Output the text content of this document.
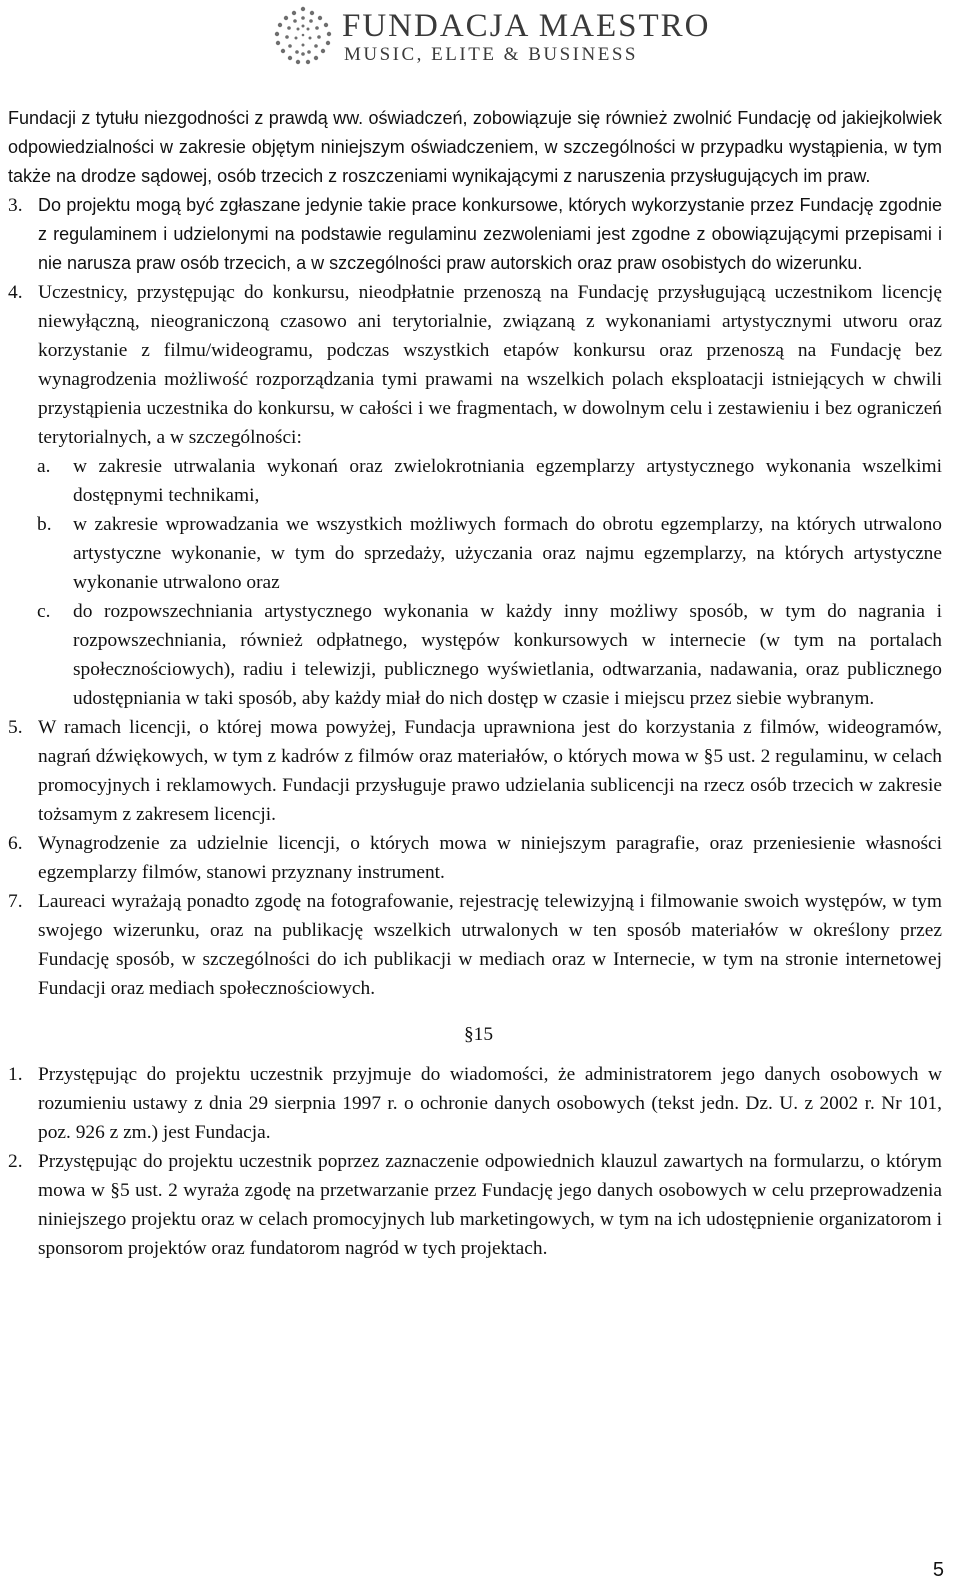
FUNDACJA MAESTRO
MUSIC, ELITE & BUSINESS

Fundacji z tytułu niezgodności z prawdą ww. oświadczeń, zobowiązuje się również zwolnić Fundację od jakiejkolwiek odpowiedzialności w zakresie objętym niniejszym oświadczeniem, w szczególności w przypadku wystąpienia, w tym także na drodze sądowej, osób trzecich z roszczeniami wynikającymi z naruszenia przysługujących im praw.

3. Do projektu mogą być zgłaszane jedynie takie prace konkursowe, których wykorzystanie przez Fundację zgodnie z regulaminem i udzielonymi na podstawie regulaminu zezwoleniami jest zgodne z obowiązującymi przepisami i nie narusza praw osób trzecich, a w szczególności praw autorskich oraz praw osobistych do wizerunku.
4. Uczestnicy, przystępując do konkursu, nieodpłatnie przenoszą na Fundację przysługującą uczestnikom licencję niewyłączną, nieograniczoną czasowo ani terytorialnie, związaną z wykonaniami artystycznymi utworu oraz korzystanie z filmu/wideogramu, podczas wszystkich etapów konkursu oraz przenoszą na Fundację bez wynagrodzenia możliwość rozporządzania tymi prawami na wszelkich polach eksploatacji istniejących w chwili przystąpienia uczestnika do konkursu, w całości i we fragmentach, w dowolnym celu i zestawieniu i bez ograniczeń terytorialnych, a w szczególności:
a. w zakresie utrwalania wykonań oraz zwielokrotniania egzemplarzy artystycznego wykonania wszelkimi dostępnymi technikami,
b. w zakresie wprowadzania we wszystkich możliwych formach do obrotu egzemplarzy, na których utrwalono artystyczne wykonanie, w tym do sprzedaży, użyczania oraz najmu egzemplarzy, na których artystyczne wykonanie utrwalono oraz
c. do rozpowszechniania artystycznego wykonania w każdy inny możliwy sposób, w tym do nagrania i rozpowszechniania, również odpłatnego, występów konkursowych w internecie (w tym na portalach społecznościowych), radiu i telewizji, publicznego wyświetlania, odtwarzania, nadawania, oraz publicznego udostępniania w taki sposób, aby każdy miał do nich dostęp w czasie i miejscu przez siebie wybranym.
5. W ramach licencji, o której mowa powyżej, Fundacja uprawniona jest do korzystania z filmów, wideogramów, nagrań dźwiękowych, w tym z kadrów z filmów oraz materiałów, o których mowa w §5 ust. 2 regulaminu, w celach promocyjnych i reklamowych. Fundacji przysługuje prawo udzielania sublicencji na rzecz osób trzecich w zakresie tożsamym z zakresem licencji.
6. Wynagrodzenie za udzielnie licencji, o których mowa w niniejszym paragrafie, oraz przeniesienie własności egzemplarzy filmów, stanowi przyznany instrument.
7. Laureaci wyrażają ponadto zgodę na fotografowanie, rejestrację telewizyjną i filmowanie swoich występów, w tym swojego wizerunku, oraz na publikację wszelkich utrwalonych w ten sposób materiałów w określony przez Fundację sposób, w szczególności do ich publikacji w mediach oraz w Internecie, w tym na stronie internetowej Fundacji oraz mediach społecznościowych.
§15
1. Przystępując do projektu uczestnik przyjmuje do wiadomości, że administratorem jego danych osobowych w rozumieniu ustawy z dnia 29 sierpnia 1997 r. o ochronie danych osobowych (tekst jedn. Dz. U. z 2002 r. Nr 101, poz. 926 z zm.) jest Fundacja.
2. Przystępując do projektu uczestnik poprzez zaznaczenie odpowiednich klauzul zawartych na formularzu, o którym mowa w §5 ust. 2 wyraża zgodę na przetwarzanie przez Fundację jego danych osobowych w celu przeprowadzenia niniejszego projektu oraz w celach promocyjnych lub marketingowych, w tym na ich udostępnienie organizatorom i sponsorom projektów oraz fundatorom nagród w tych projektach.
5
